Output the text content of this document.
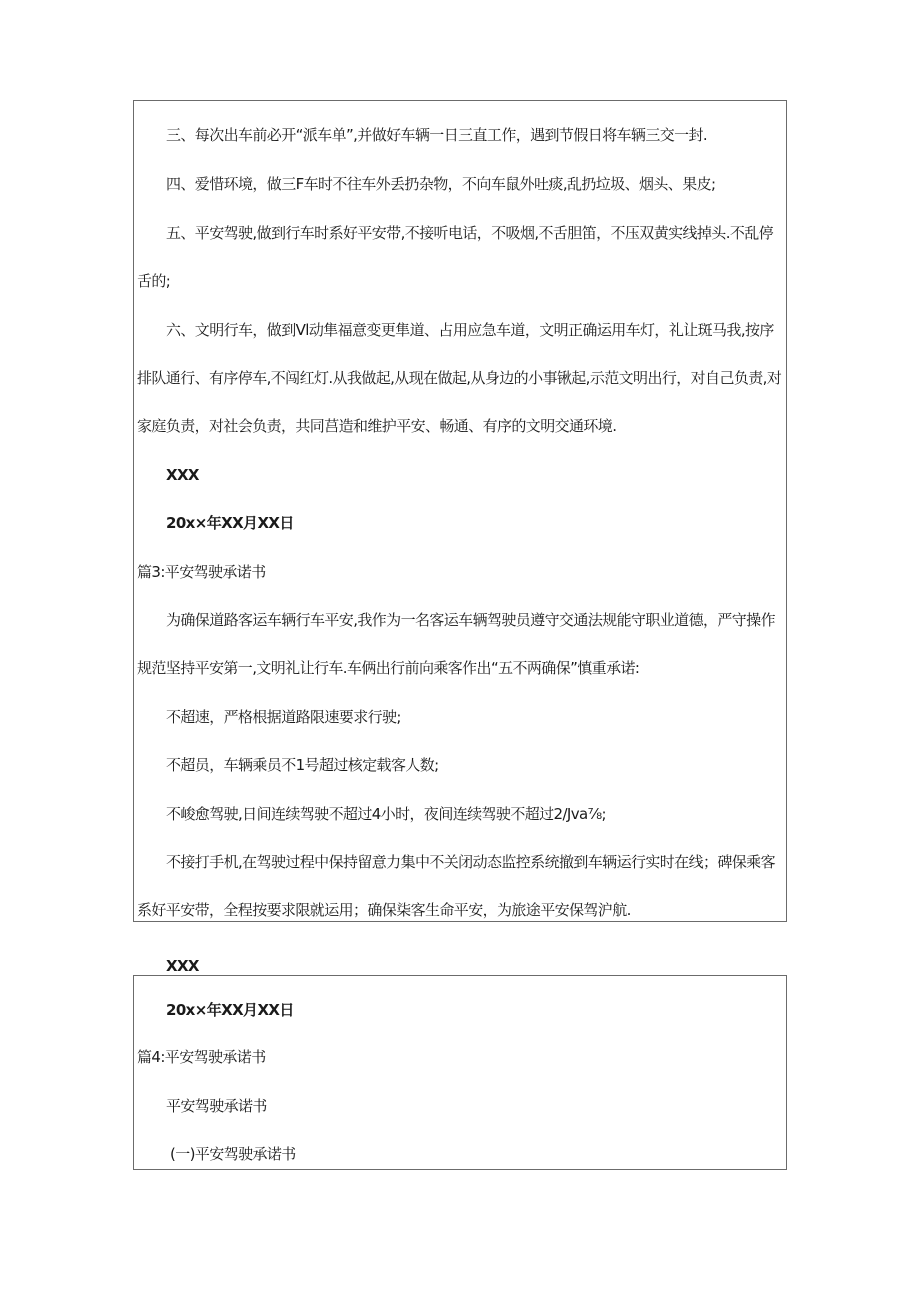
三、每次出车前必开“派车单”,并做好车辆一日三直工作，遇到节假日将车辆三交一封.
四、爱惜环境，做三F车时不往车外丢扔杂物，不向车鼠外吐痰,乱扔垃圾、烟头、果皮;
五、平安驾驶,做到行车时系好平安带,不接听电话，不吸烟,不舌胆笛，不压双黄实线掉头.不乱停
舌的;
六、文明行车，做到Vl动隼福意变更隼道、占用应急车道，文明正确运用车灯，礼让斑马我,按序
排队通行、有序停车,不闯红灯.从我做起,从现在做起,从身边的小事锹起,示范文明出行，对自己负责,对
家庭负责，对社会负责，共同莒造和维护平安、畅通、有序的文明交通环境.
XXX
20x×年XX月XX日
篇3:平安驾驶承诺书
为确保道路客运车辆行车平安,我作为一名客运车辆驾驶员遵守交通法规能守职业道德，严守操作
规范坚持平安第一,文明礼让行车.车俩出行前向乘客作出“五不两确保”慎重承诺:
不超速，严格根据道路限速要求行驶;
不超员，车辆乘员不1号超过核定载客人数;
不峻愈驾驶,日间连续驾驶不超过4小时，夜间连续驾驶不超过2/Jva⅞;
不接打手机,在驾驶过程中保持留意力集中不关闭动态监控系统撤到车辆运行实时在线；碑保乘客
系好平安带，全程按要求限就运用；确保柒客生命平安，为旅途平安保驾沪航.
XXX
20x×年XX月XX日
篇4:平安驾驶承诺书
平安驾驶承诺书
(一)平安驾驶承诺书
